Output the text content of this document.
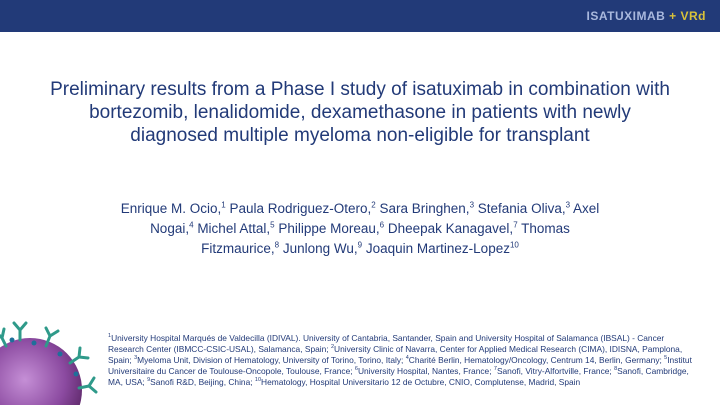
ISATUXIMAB + VRd
Preliminary results from a Phase I study of isatuximab in combination with bortezomib, lenalidomide, dexamethasone in patients with newly diagnosed multiple myeloma non-eligible for transplant
Enrique M. Ocio,$^1$ Paula Rodriguez-Otero,$^2$ Sara Bringhen,$^3$ Stefania Oliva,$^3$ Axel Nogai,$^4$ Michel Attal,$^5$ Philippe Moreau,$^6$ Dheepak Kanagavel,$^7$ Thomas Fitzmaurice,$^8$ Junlong Wu,$^9$ Joaquin Martinez-Lopez$^{10}$
$^1$University Hospital Marqués de Valdecilla (IDIVAL). University of Cantabria, Santander, Spain and University Hospital of Salamanca (IBSAL) - Cancer Research Center (IBMCC-CSIC-USAL), Salamanca, Spain; $^2$University Clinic of Navarra, Center for Applied Medical Research (CIMA), IDISNA, Pamplona, Spain; $^3$Myeloma Unit, Division of Hematology, University of Torino, Torino, Italy; $^4$Charité Berlin, Hematology/Oncology, Centrum 14, Berlin, Germany; $^5$Institut Universitaire du Cancer de Toulouse-Oncopole, Toulouse, France; $^6$University Hospital, Nantes, France; $^7$Sanofi, Vitry-Alfortville, France; $^8$Sanofi, Cambridge, MA, USA; $^9$Sanofi R&D, Beijing, China; $^{10}$Hematology, Hospital Universitario 12 de Octubre, CNIO, Complutense, Madrid, Spain
